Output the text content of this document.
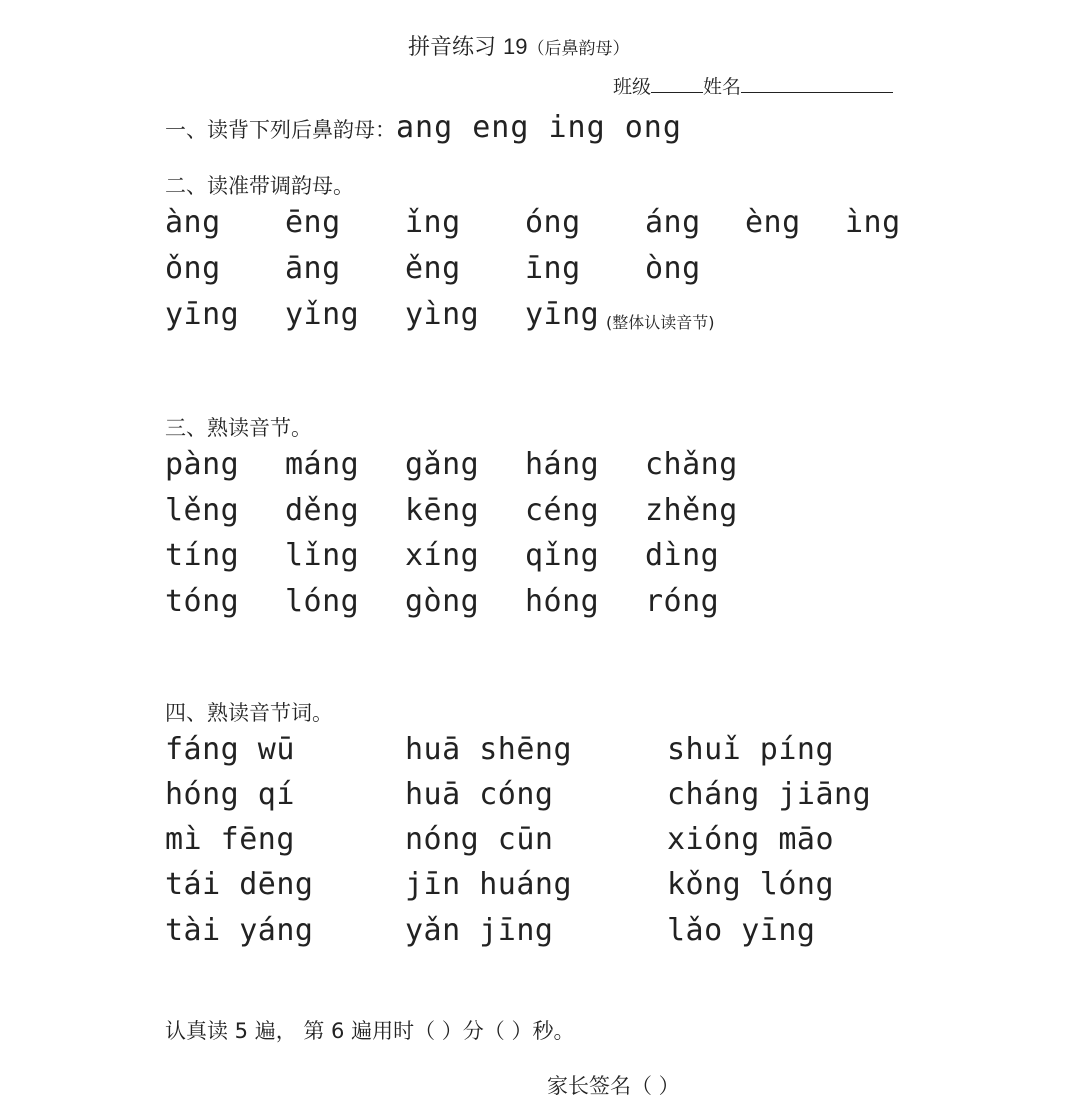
拼音练习 19（后鼻韵母）
班级	姓名
一、读背下列后鼻韵母：ang eng ing ong
二、读准带调韵母。
àng ēng ǐng óng áng èng ìng
ǒng āng ěng īng òng
yīng yǐng yìng yīng (整体认读音节)
三、熟读音节。
pàng máng gǎng háng chǎng
lěng děng kēng céng zhěng
tíng lǐng xíng qǐng dìng
tóng lóng gòng hóng róng
四、熟读音节词。
fáng wū	huā shēng	shuǐ píng
hóng qí	huā cóng	cháng jiāng
mì fēng	nóng cūn	xióng māo
tái dēng	jīn huáng	kǒng lóng
tài yáng	yǎn jīng	lǎo yīng
认真读 5 遍， 第 6 遍用时（ ）分（ ）秒。
家长签名（ ）
